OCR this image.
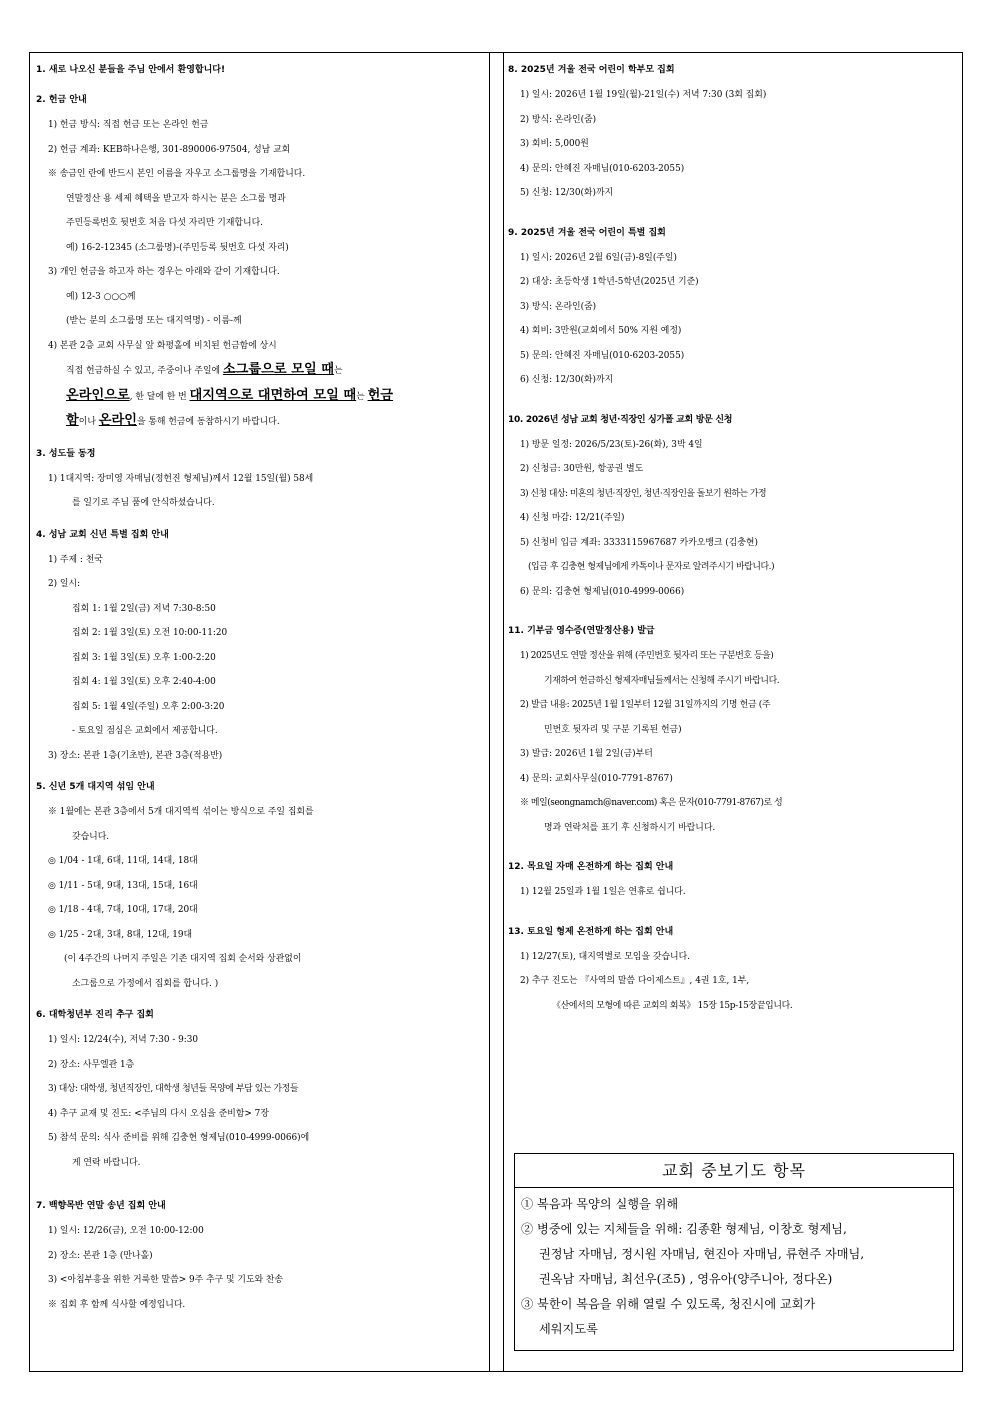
1. 새로 나오신 분들을 주님 안에서 환영합니다!
2. 헌금 안내
1) 헌금 방식: 직접 헌금 또는 온라인 헌금
2) 헌금 계좌: KEB하나은행, 301-890006-97504, 성남 교회
※ 송금인 란에 반드시 본인 이름을 자우고 소그룹명을 기재합니다.
연말정산 용 세제 혜택을 받고자 하시는 분은 소그룹 명과
주민등록번호 뒷번호 처음 다섯 자리만 기재합니다.
예) 16-2-12345 (소그룹명)-(주민등록 뒷번호 다섯 자리)
3) 개인 헌금을 하고자 하는 경우는 아래와 같이 기재합니다.
예) 12-3 ○○○께
(받는 분의 소그룹명 또는 대지역명) - 이름-께
4) 본관 2층 교회 사무실 앞 화평홀에 비치된 헌금함에 상시
직접 헌금하실 수 있고, 주중이나 주일에 소그룹으로 모일 때는
온라인으로, 한 달에 한 번 대지역으로 대면하여 모일 때는 헌금
함이나 온라인을 통해 헌금에 동참하시기 바랍니다.
3. 성도들 동정
1) 1대지역: 장미영 자매님(정헌진 형제님)께서 12월 15일(월) 58세
를 일기로 주님 품에 안식하셨습니다.
4. 성남 교회 신년 특별 집회 안내
1) 주제 : 천국
2) 일시:
집회 1: 1월 2일(금) 저녁 7:30-8:50
집회 2: 1월 3일(토) 오전 10:00-11:20
집회 3: 1월 3일(토) 오후 1:00-2:20
집회 4: 1월 3일(토) 오후 2:40-4:00
집회 5: 1월 4일(주일) 오후 2:00-3:20
- 토요일 점심은 교회에서 제공합니다.
3) 장소: 본관 1층(기초반), 본관 3층(적용반)
5. 신년 5개 대지역 섞임 안내
※ 1월에는 본관 3층에서 5개 대지역씩 섞이는 방식으로 주일 집회를
갖습니다.
◎ 1/04 - 1대, 6대, 11대, 14대, 18대
◎ 1/11 - 5대, 9대, 13대, 15대, 16대
◎ 1/18 - 4대, 7대, 10대, 17대, 20대
◎ 1/25 - 2대, 3대, 8대, 12대, 19대
(이 4주간의 나머지 주일은 기존 대지역 집회 순서와 상관없이
소그룹으로 가정에서 집회를 합니다. )
6. 대학청년부 진리 추구 집회
1) 일시: 12/24(수), 저녁 7:30 - 9:30
2) 장소: 사무엘관 1층
3) 대상: 대학생, 청년직장인, 대학생 청년들 목양에 부담 있는 가정들
4) 추구 교재 및 진도: <주님의 다시 오심을 준비함> 7장
5) 참석 문의: 식사 준비를 위해 김충현 형제님(010-4999-0066)에
게 연락 바랍니다.
7. 백향목반 연말 송년 집회 안내
1) 일시: 12/26(금), 오전 10:00-12:00
2) 장소: 본관 1층 (만나홀)
3) <아침부흥을 위한 거룩한 말씀> 9주 추구 및 기도와 찬송
※ 집회 후 함께 식사할 예정입니다.
8. 2025년 겨울 전국 어린이 학부모 집회
1) 일시: 2026년 1월 19일(월)-21일(수) 저녁 7:30 (3회 집회)
2) 방식: 온라인(줌)
3) 회비: 5,000원
4) 문의: 안혜진 자매님(010-6203-2055)
5) 신청: 12/30(화)까지
9. 2025년 겨울 전국 어린이 특별 집회
1) 일시: 2026년 2월 6일(금)-8일(주일)
2) 대상: 초등학생 1학년-5학년(2025년 기준)
3) 방식: 온라인(줌)
4) 회비: 3만원(교회에서 50% 지원 예정)
5) 문의: 안혜진 자매님(010-6203-2055)
6) 신청: 12/30(화)까지
10. 2026년 성남 교회 청년·직장인 싱가폴 교회 방문 신청
1) 방문 일정: 2026/5/23(토)-26(화), 3박 4일
2) 신청금: 30만원, 항공권 별도
3) 신청 대상: 미혼의 청년·직장인, 청년·직장인을 돌보기 원하는 가정
4) 신청 마감: 12/21(주일)
5) 신청비 입금 계좌: 3333115967687 카카오뱅크 (김충현)
(입금 후 김충현 형제님에게 카톡이나 문자로 알려주시기 바랍니다.)
6) 문의: 김충현 형제님(010-4999-0066)
11. 기부금 영수증(연말정산용) 발급
1) 2025년도 연말 정산을 위해 (주민번호 뒷자리 또는 구분번호 등을)
기재하여 헌금하신 형제자매님들께서는 신청해 주시기 바랍니다.
2) 발급 내용: 2025년 1월 1일부터 12월 31일까지의 기명 헌금 (주
민번호 뒷자리 및 구분 기록된 헌금)
3) 발급: 2026년 1월 2일(금)부터
4) 문의: 교회사무실(010-7791-8767)
※ 메일(seongnamch@naver.com) 혹은 문자(010-7791-8767)로 성
명과 연락처를 표기 후 신청하시기 바랍니다.
12. 목요일 자매 온전하게 하는 집회 안내
1) 12월 25일과 1월 1일은 연휴로 쉽니다.
13. 토요일 형제 온전하게 하는 집회 안내
1) 12/27(토), 대지역별로 모임을 갖습니다.
2) 추구 진도는 『사역의 말씀 다이제스트』, 4권 1호, 1부,
《산에서의 모형에 따른 교회의 회복》 15장 15p-15장끝입니다.
교회 중보기도 항목
① 복음과 목양의 실행을 위해
② 병중에 있는 지체들을 위해: 김종환 형제님, 이창호 형제님,
권정남 자매님, 정시원 자매님, 현진아 자매님, 류현주 자매님,
권옥남 자매님, 최선우(조5) , 영유아(양주니아, 정다온)
③ 북한이 복음을 위해 열릴 수 있도록, 청진시에 교회가
세워지도록
